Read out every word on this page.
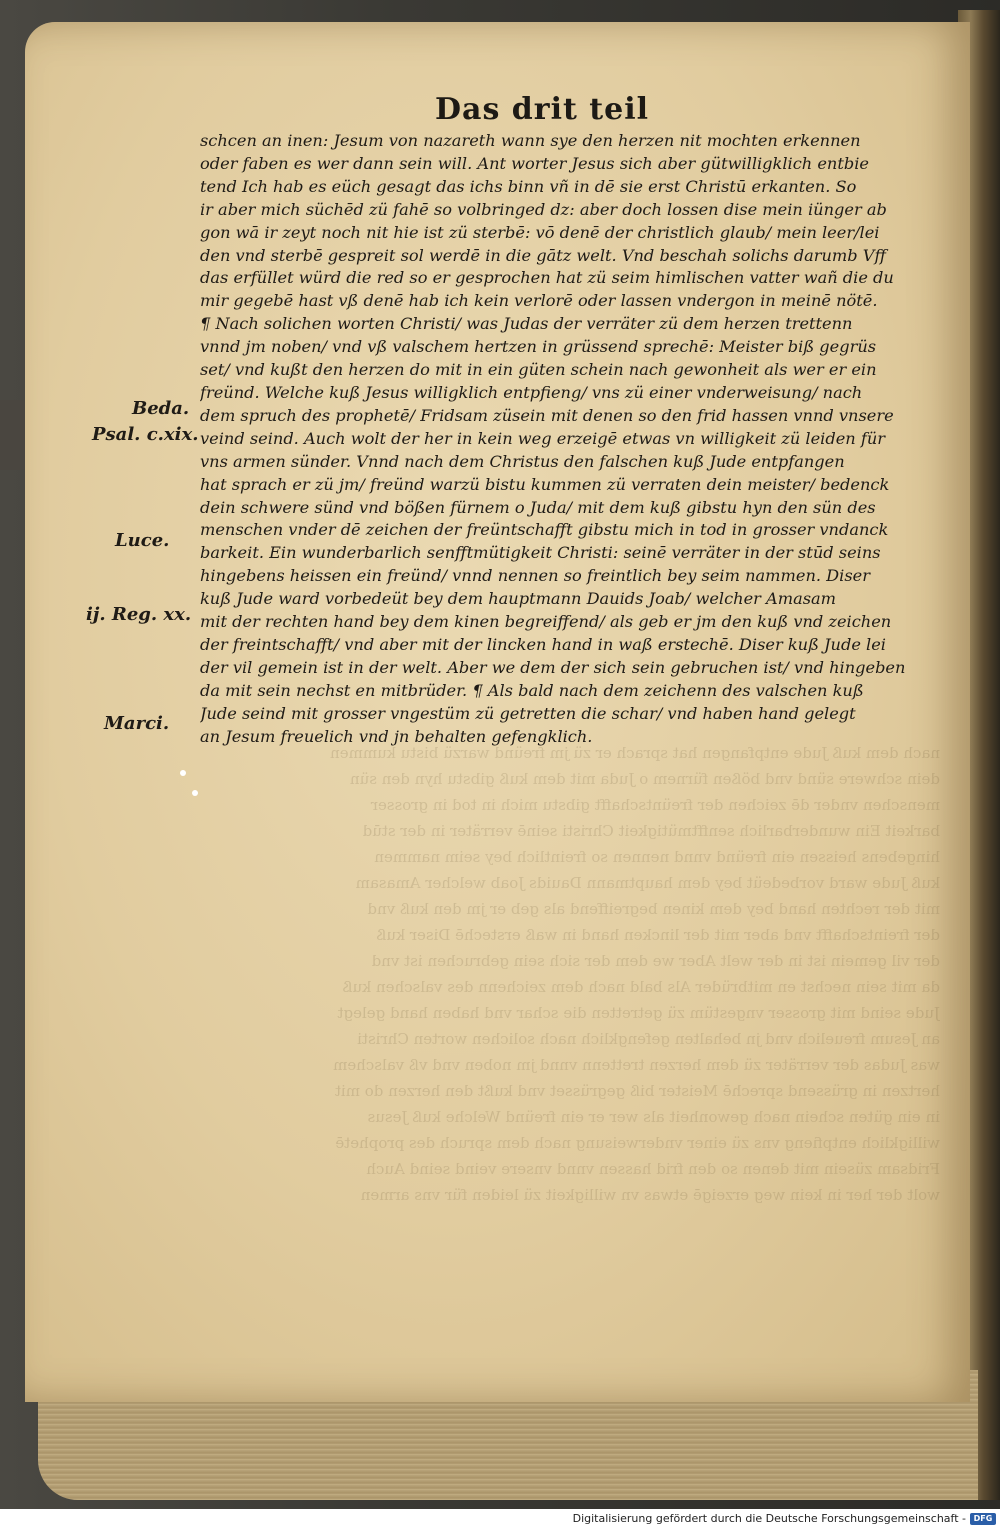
nach dem kuß Jude entpfangen hat sprach er zü jm freünd warzü bistu kummen
dein schwere sünd vnd bößen fürnem o Juda mit dem kuß gibstu hyn den sün
menschen vnder dē zeichen der freüntschafft gibstu mich in tod in grosser
barkeit Ein wunderbarlich senfftmütigkeit Christi seinē verräter in der stūd
hingebens heissen ein freünd vnnd nennen so freintlich bey seim nammen
kuß Jude ward vorbedeüt bey dem hauptmann Dauids Joab welcher Amasam
mit der rechten hand bey dem kinen begreiffend als geb er jm den kuß vnd
der freintschafft vnd aber mit der lincken hand in waß erstechē Diser kuß
der vil gemein ist in der welt Aber we dem der sich sein gebruchen ist vnd
da mit sein nechst en mitbrüder Als bald nach dem zeichenn des valschen kuß
Jude seind mit grosser vngestüm zü getretten die schar vnd haben hand gelegt
an Jesum freuelich vnd jn behalten gefengklich nach solichen worten Christi
was Judas der verräter zü dem herzen trettenn vnnd jm noben vnd vß valschem
hertzen in grüssend sprechē Meister biß gegrüsset vnd kußt den herzen do mit
in ein güten schein nach gewonheit als wer er ein freünd Welche kuß Jesus
willigklich entpfieng vns zü einer vnderweisung nach dem spruch des prophetē
Fridsam züsein mit denen so den frid hassen vnnd vnsere veind seind Auch
wolt der her in kein weg erzeigē etwas vn willigkeit zü leiden für vns armen
Das drit teil
schcen an inen: Jesum von nazareth wann sye den herzen nit mochten erkennen
oder faben es wer dann sein will. Ant worter Jesus sich aber gütwilligklich entbie
tend Ich hab es eüch gesagt das ichs binn vñ in dē sie erst Christū erkanten. So
ir aber mich süchēd zü fahē so volbringed dz: aber doch lossen dise mein iünger ab
gon wā ir zeyt noch nit hie ist zü sterbē: vō denē der christlich glaub/ mein leer/lei
den vnd sterbē gespreit sol werdē in die gātz welt. Vnd beschah solichs darumb Vff
das erfüllet würd die red so er gesprochen hat zü seim himlischen vatter wañ die du
mir gegebē hast vß denē hab ich kein verlorē oder lassen vndergon in meinē nötē.
¶ Nach solichen worten Christi/ was Judas der verräter zü dem herzen trettenn
vnnd jm noben/ vnd vß valschem hertzen in grüssend sprechē: Meister biß gegrüs
set/ vnd kußt den herzen do mit in ein güten schein nach gewonheit als wer er ein
freünd. Welche kuß Jesus willigklich entpfieng/ vns zü einer vnderweisung/ nach
dem spruch des prophetē/ Fridsam züsein mit denen so den frid hassen vnnd vnsere
veind seind. Auch wolt der her in kein weg erzeigē etwas vn willigkeit zü leiden für
vns armen sünder. Vnnd nach dem Christus den falschen kuß Jude entpfangen
hat sprach er zü jm/ freünd warzü bistu kummen zü verraten dein meister/ bedenck
dein schwere sünd vnd bößen fürnem o Juda/ mit dem kuß gibstu hyn den sün des
menschen vnder dē zeichen der freüntschafft gibstu mich in tod in grosser vndanck
barkeit. Ein wunderbarlich senfftmütigkeit Christi: seinē verräter in der stūd seins
hingebens heissen ein freünd/ vnnd nennen so freintlich bey seim nammen. Diser
kuß Jude ward vorbedeüt bey dem hauptmann Dauids Joab/ welcher Amasam
mit der rechten hand bey dem kinen begreiffend/ als geb er jm den kuß vnd zeichen
der freintschafft/ vnd aber mit der lincken hand in waß erstechē. Diser kuß Jude lei
der vil gemein ist in der welt. Aber we dem der sich sein gebruchen ist/ vnd hingeben
da mit sein nechst en mitbrüder. ¶ Als bald nach dem zeichenn des valschen kuß
Jude seind mit grosser vngestüm zü getretten die schar/ vnd haben hand gelegt
an Jesum freuelich vnd jn behalten gefengklich.
Beda.
Psal. c.xix.
Luce.
ij. Reg. xx.
Marci.
Digitalisierung gefördert durch die Deutsche Forschungsgemeinschaft - DFG
